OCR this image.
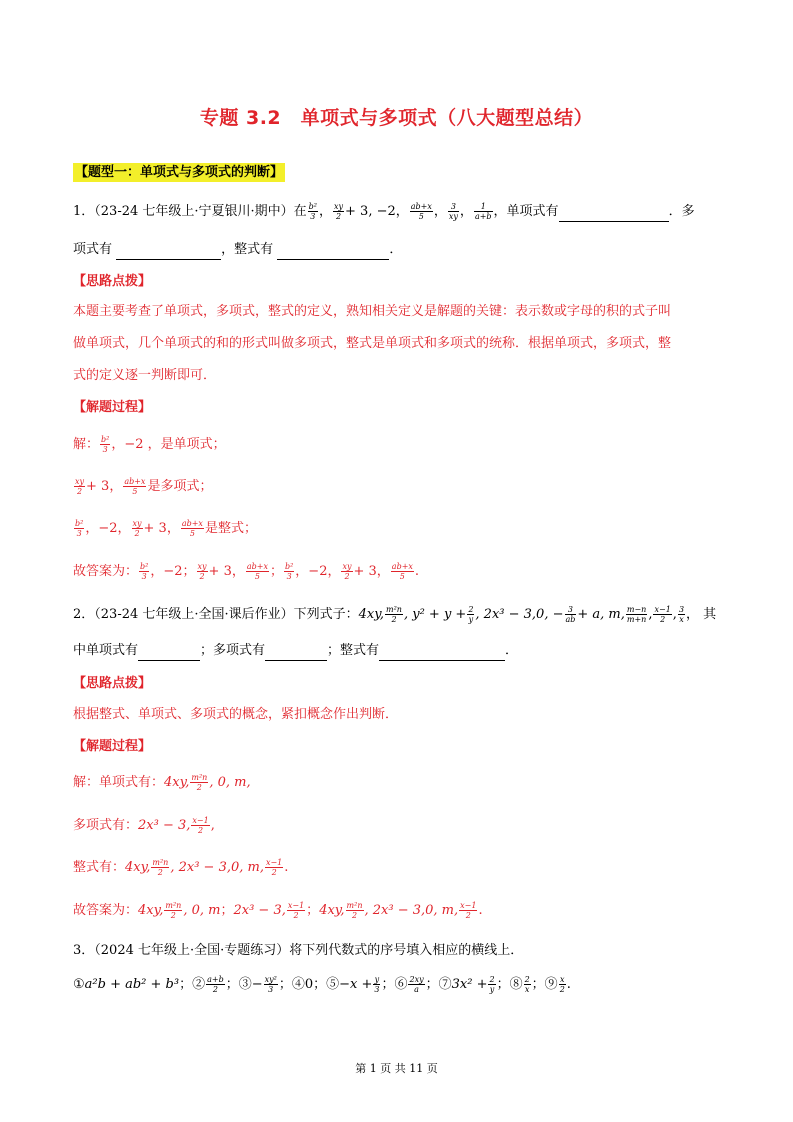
专题 3.2　单项式与多项式（八大题型总结）
【题型一：单项式与多项式的判断】
1．（23-24 七年级上·宁夏银川·期中）在 $\frac{\text{b²}}{3}$ ， $\frac{xy}{2} + 3$, −2， $\frac{ab+x}{5}$ ， $\frac{3}{xy}$ ， $\frac{1}{a+b}$ ，单项式有	．多
项式有	，整式有	．
【思路点拨】
本题主要考查了单项式，多项式，整式的定义，熟知相关定义是解题的关键：表示数或字母的积的式子叫
做单项式，几个单项式的和的形式叫做多项式，整式是单项式和多项式的统称．根据单项式，多项式，整
式的定义逐一判断即可．
【解题过程】
解： $\frac{\text{b²}}{3}$ ，−2 ，是单项式；
$\frac{xy}{2} + 3$， $\frac{ab+x}{5}$ 是多项式；
$\frac{\text{b²}}{3}$ ，−2， $\frac{xy}{2} + 3$， $\frac{ab+x}{5}$ 是整式；
故答案为： $\frac{\text{b²}}{3}$ ，−2； $\frac{xy}{2} + 3$， $\frac{ab+x}{5}$ ； $\frac{\text{b²}}{3}$ ，−2， $\frac{xy}{2} + 3$， $\frac{ab+x}{5}$ .
2．（23-24 七年级上·全国·课后作业）下列式子：4xy, $\frac{\text{m²n}}{2}$ , $y^2 + y + \frac{2}{y}$ , 2x³ − 3,0, − $\frac{3}{ab} + a$, m, $\frac{m-n}{m+n}$ , $\frac{x-1}{2}$ , $\frac{3}{x}$ ， 其
中单项式有	；多项式有	；整式有	．
【思路点拨】
根据整式、单项式、多项式的概念，紧扣概念作出判断．
【解题过程】
解：单项式有：4xy, $\frac{\text{m²n}}{2}$ , 0, m,
多项式有：2x³ − 3, $\frac{x-1}{2}$ ,
整式有：4xy, $\frac{\text{m²n}}{2}$ , 2x³ − 3,0, m, $\frac{x-1}{2}$ .
故答案为：4xy, $\frac{\text{m²n}}{2}$ , 0, m；2x³ − 3, $\frac{x-1}{2}$ ；4xy, $\frac{\text{m²n}}{2}$ , 2x³ − 3,0, m, $\frac{x-1}{2}$ .
3．（2024 七年级上·全国·专题练习）将下列代数式的序号填入相应的横线上．
①a²b + ab² + b³；② $\frac{a+b}{2}$ ；③− $\frac{\text{xy²}}{3}$ ；④0；⑤−x + $\frac{y}{3}$ ；⑥ $\frac{2xy}{a}$ ；⑦3x² + $\frac{2}{y}$ ；⑧ $\frac{2}{x}$ ；⑨ $\frac{x}{2}$ .
第 1 页 共 11 页
